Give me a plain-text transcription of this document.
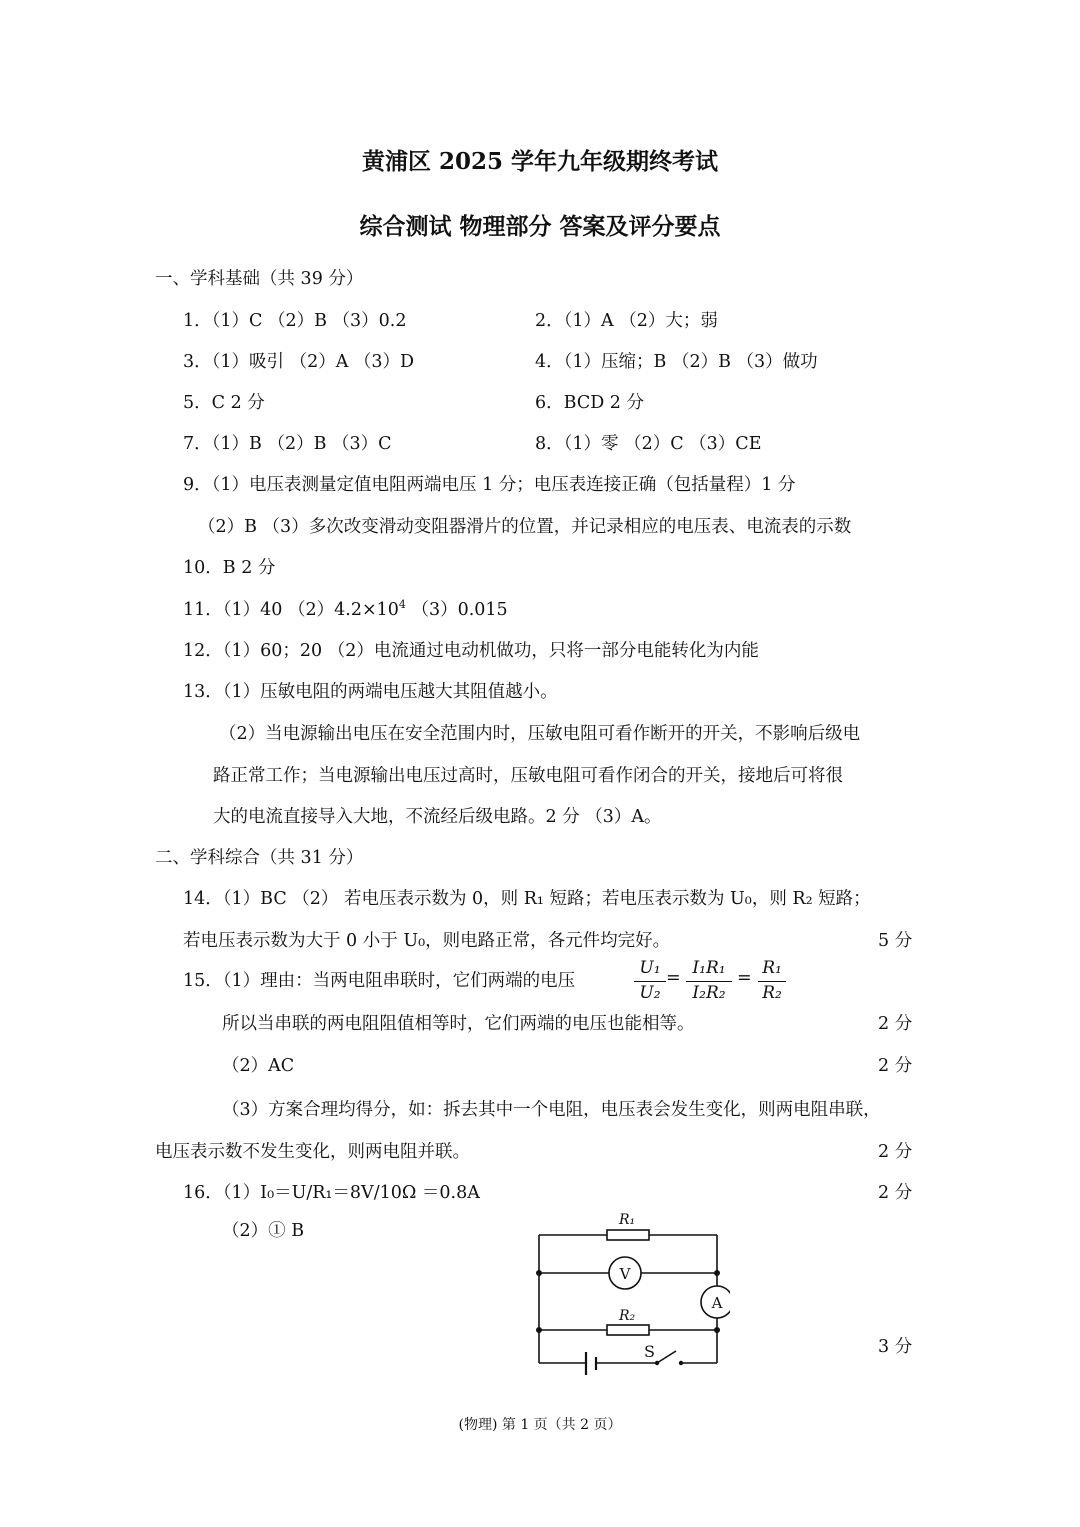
黄浦区 2025 学年九年级期终考试
综合测试 物理部分 答案及评分要点
一、学科基础（共 39 分）
1．（1）C （2）B （3）0.2	2．（1）A （2）大；弱
3．（1）吸引 （2）A （3）D	4．（1）压缩；B （2）B （3）做功
5．C 2 分	6．BCD 2 分
7．（1）B （2）B （3）C	8．（1）零 （2）C （3）CE
9．（1）电压表测量定值电阻两端电压 1 分；电压表连接正确（包括量程）1 分
（2）B （3）多次改变滑动变阻器滑片的位置，并记录相应的电压表、电流表的示数
10．B 2 分
11．（1）40 $(2)4.2\times 10^4$ （3）0.015
12．（1）60；20 （2）电流通过电动机做功，只将一部分电能转化为内能
13．（1）压敏电阻的两端电压越大其阻值越小。
（2）当电源输出电压在安全范围内时，压敏电阻可看作断开的开关，不影响后级电
路正常工作；当电源输出电压过高时，压敏电阻可看作闭合的开关，接地后可将很
大的电流直接导入大地，不流经后级电路。2 分 （3）A。
二、学科综合（共 31 分）
14．（1）BC （2） 若电压表示数为 0，则 R₁ 短路；若电压表示数为 U₀，则 R₂ 短路；
若电压表示数为大于 0 小于 U₀，则电路正常，各元件均完好。	5 分
15．（1）理由：当两电阻串联时，它们两端的电压
U₁
U₂
= I₁R₁
I₂R₂
= R₁
R₂
所以当串联的两电阻阻值相等时，它们两端的电压也能相等。	2 分
（2）AC	2 分
（3）方案合理均得分，如：拆去其中一个电阻，电压表会发生变化，则两电阻串联，
电压表示数不发生变化，则两电阻并联。	2 分
16．（1）I₀＝U/R₁＝8V/10Ω ＝0.8A	2 分
（2）① B
3 分
R₁
V
A
R₂
S
(物理) 第 1 页（共 2 页）
